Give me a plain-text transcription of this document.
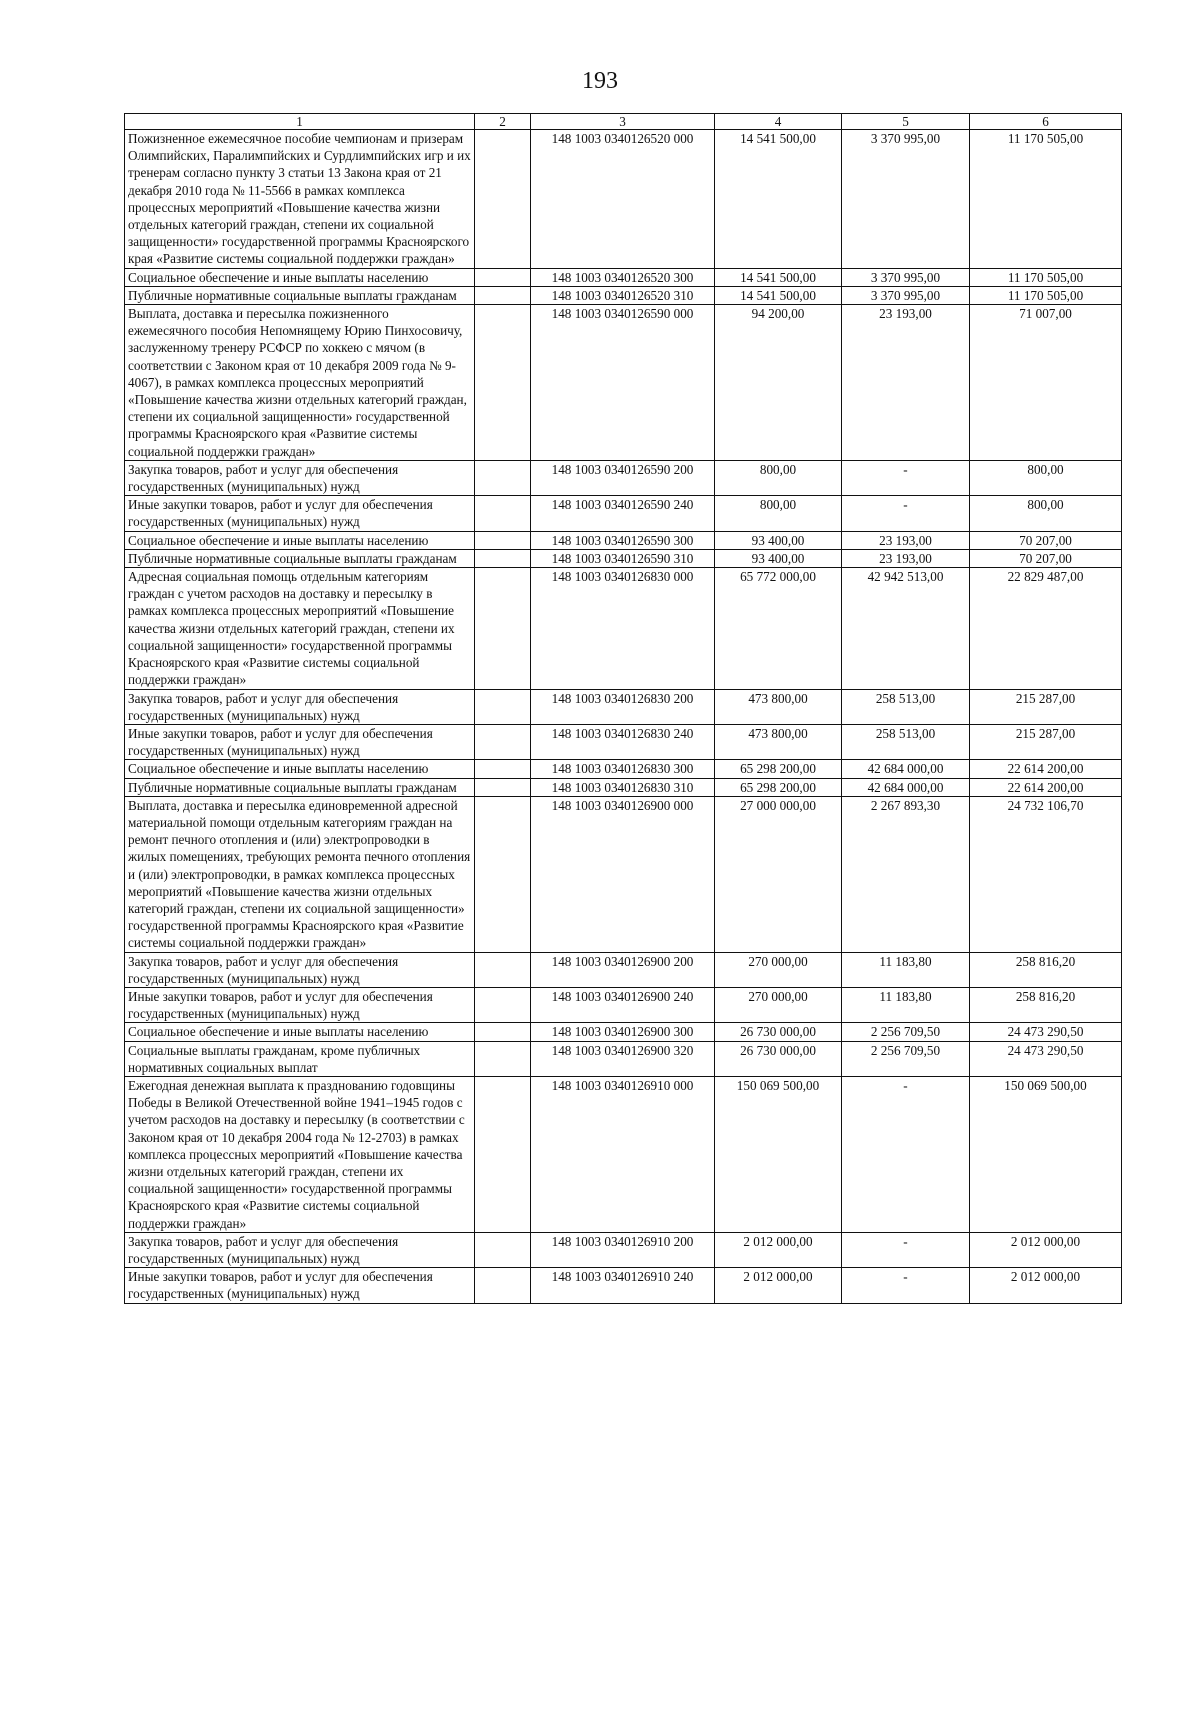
193
1	2	3	4	5	6
Пожизненное ежемесячное пособие чемпионам и призерам Олимпийских, Паралимпийских и Сурдлимпийских игр и их тренерам согласно пункту 3 статьи 13 Закона края от 21 декабря 2010 года № 11-5566 в рамках комплекса процессных мероприятий «Повышение качества жизни отдельных категорий граждан, степени их социальной защищенности» государственной программы Красноярского края «Развитие системы социальной поддержки граждан»		148 1003 0340126520 000	14 541 500,00	3 370 995,00	11 170 505,00
Социальное обеспечение и иные выплаты населению		148 1003 0340126520 300	14 541 500,00	3 370 995,00	11 170 505,00
Публичные нормативные социальные выплаты гражданам		148 1003 0340126520 310	14 541 500,00	3 370 995,00	11 170 505,00
Выплата, доставка и пересылка пожизненного ежемесячного пособия Непомнящему Юрию Пинхосовичу, заслуженному тренеру РСФСР по хоккею с мячом (в соответствии с Законом края от 10 декабря 2009 года № 9-4067), в рамках комплекса процессных мероприятий «Повышение качества жизни отдельных категорий граждан, степени их социальной защищенности» государственной программы Красноярского края «Развитие системы социальной поддержки граждан»		148 1003 0340126590 000	94 200,00	23 193,00	71 007,00
Закупка товаров, работ и услуг для обеспечения государственных (муниципальных) нужд		148 1003 0340126590 200	800,00	-	800,00
Иные закупки товаров, работ и услуг для обеспечения государственных (муниципальных) нужд		148 1003 0340126590 240	800,00	-	800,00
Социальное обеспечение и иные выплаты населению		148 1003 0340126590 300	93 400,00	23 193,00	70 207,00
Публичные нормативные социальные выплаты гражданам		148 1003 0340126590 310	93 400,00	23 193,00	70 207,00
Адресная социальная помощь отдельным категориям граждан с учетом расходов на доставку и пересылку в рамках комплекса процессных мероприятий «Повышение качества жизни отдельных категорий граждан, степени их социальной защищенности» государственной программы Красноярского края «Развитие системы социальной поддержки граждан»		148 1003 0340126830 000	65 772 000,00	42 942 513,00	22 829 487,00
Закупка товаров, работ и услуг для обеспечения государственных (муниципальных) нужд		148 1003 0340126830 200	473 800,00	258 513,00	215 287,00
Иные закупки товаров, работ и услуг для обеспечения государственных (муниципальных) нужд		148 1003 0340126830 240	473 800,00	258 513,00	215 287,00
Социальное обеспечение и иные выплаты населению		148 1003 0340126830 300	65 298 200,00	42 684 000,00	22 614 200,00
Публичные нормативные социальные выплаты гражданам		148 1003 0340126830 310	65 298 200,00	42 684 000,00	22 614 200,00
Выплата, доставка и пересылка единовременной адресной материальной помощи отдельным категориям граждан на ремонт печного отопления и (или) электропроводки в жилых помещениях, требующих ремонта печного отопления и (или) электропроводки, в рамках комплекса процессных мероприятий «Повышение качества жизни отдельных категорий граждан, степени их социальной защищенности» государственной программы Красноярского края «Развитие системы социальной поддержки граждан»		148 1003 0340126900 000	27 000 000,00	2 267 893,30	24 732 106,70
Закупка товаров, работ и услуг для обеспечения государственных (муниципальных) нужд		148 1003 0340126900 200	270 000,00	11 183,80	258 816,20
Иные закупки товаров, работ и услуг для обеспечения государственных (муниципальных) нужд		148 1003 0340126900 240	270 000,00	11 183,80	258 816,20
Социальное обеспечение и иные выплаты населению		148 1003 0340126900 300	26 730 000,00	2 256 709,50	24 473 290,50
Социальные выплаты гражданам, кроме публичных нормативных социальных выплат		148 1003 0340126900 320	26 730 000,00	2 256 709,50	24 473 290,50
Ежегодная денежная выплата к празднованию годовщины Победы в Великой Отечественной войне 1941–1945 годов с учетом расходов на доставку и пересылку (в соответствии с Законом края от 10 декабря 2004 года № 12-2703) в рамках комплекса процессных мероприятий «Повышение качества жизни отдельных категорий граждан, степени их социальной защищенности» государственной программы Красноярского края «Развитие системы социальной поддержки граждан»		148 1003 0340126910 000	150 069 500,00	-	150 069 500,00
Закупка товаров, работ и услуг для обеспечения государственных (муниципальных) нужд		148 1003 0340126910 200	2 012 000,00	-	2 012 000,00
Иные закупки товаров, работ и услуг для обеспечения государственных (муниципальных) нужд		148 1003 0340126910 240	2 012 000,00	-	2 012 000,00
